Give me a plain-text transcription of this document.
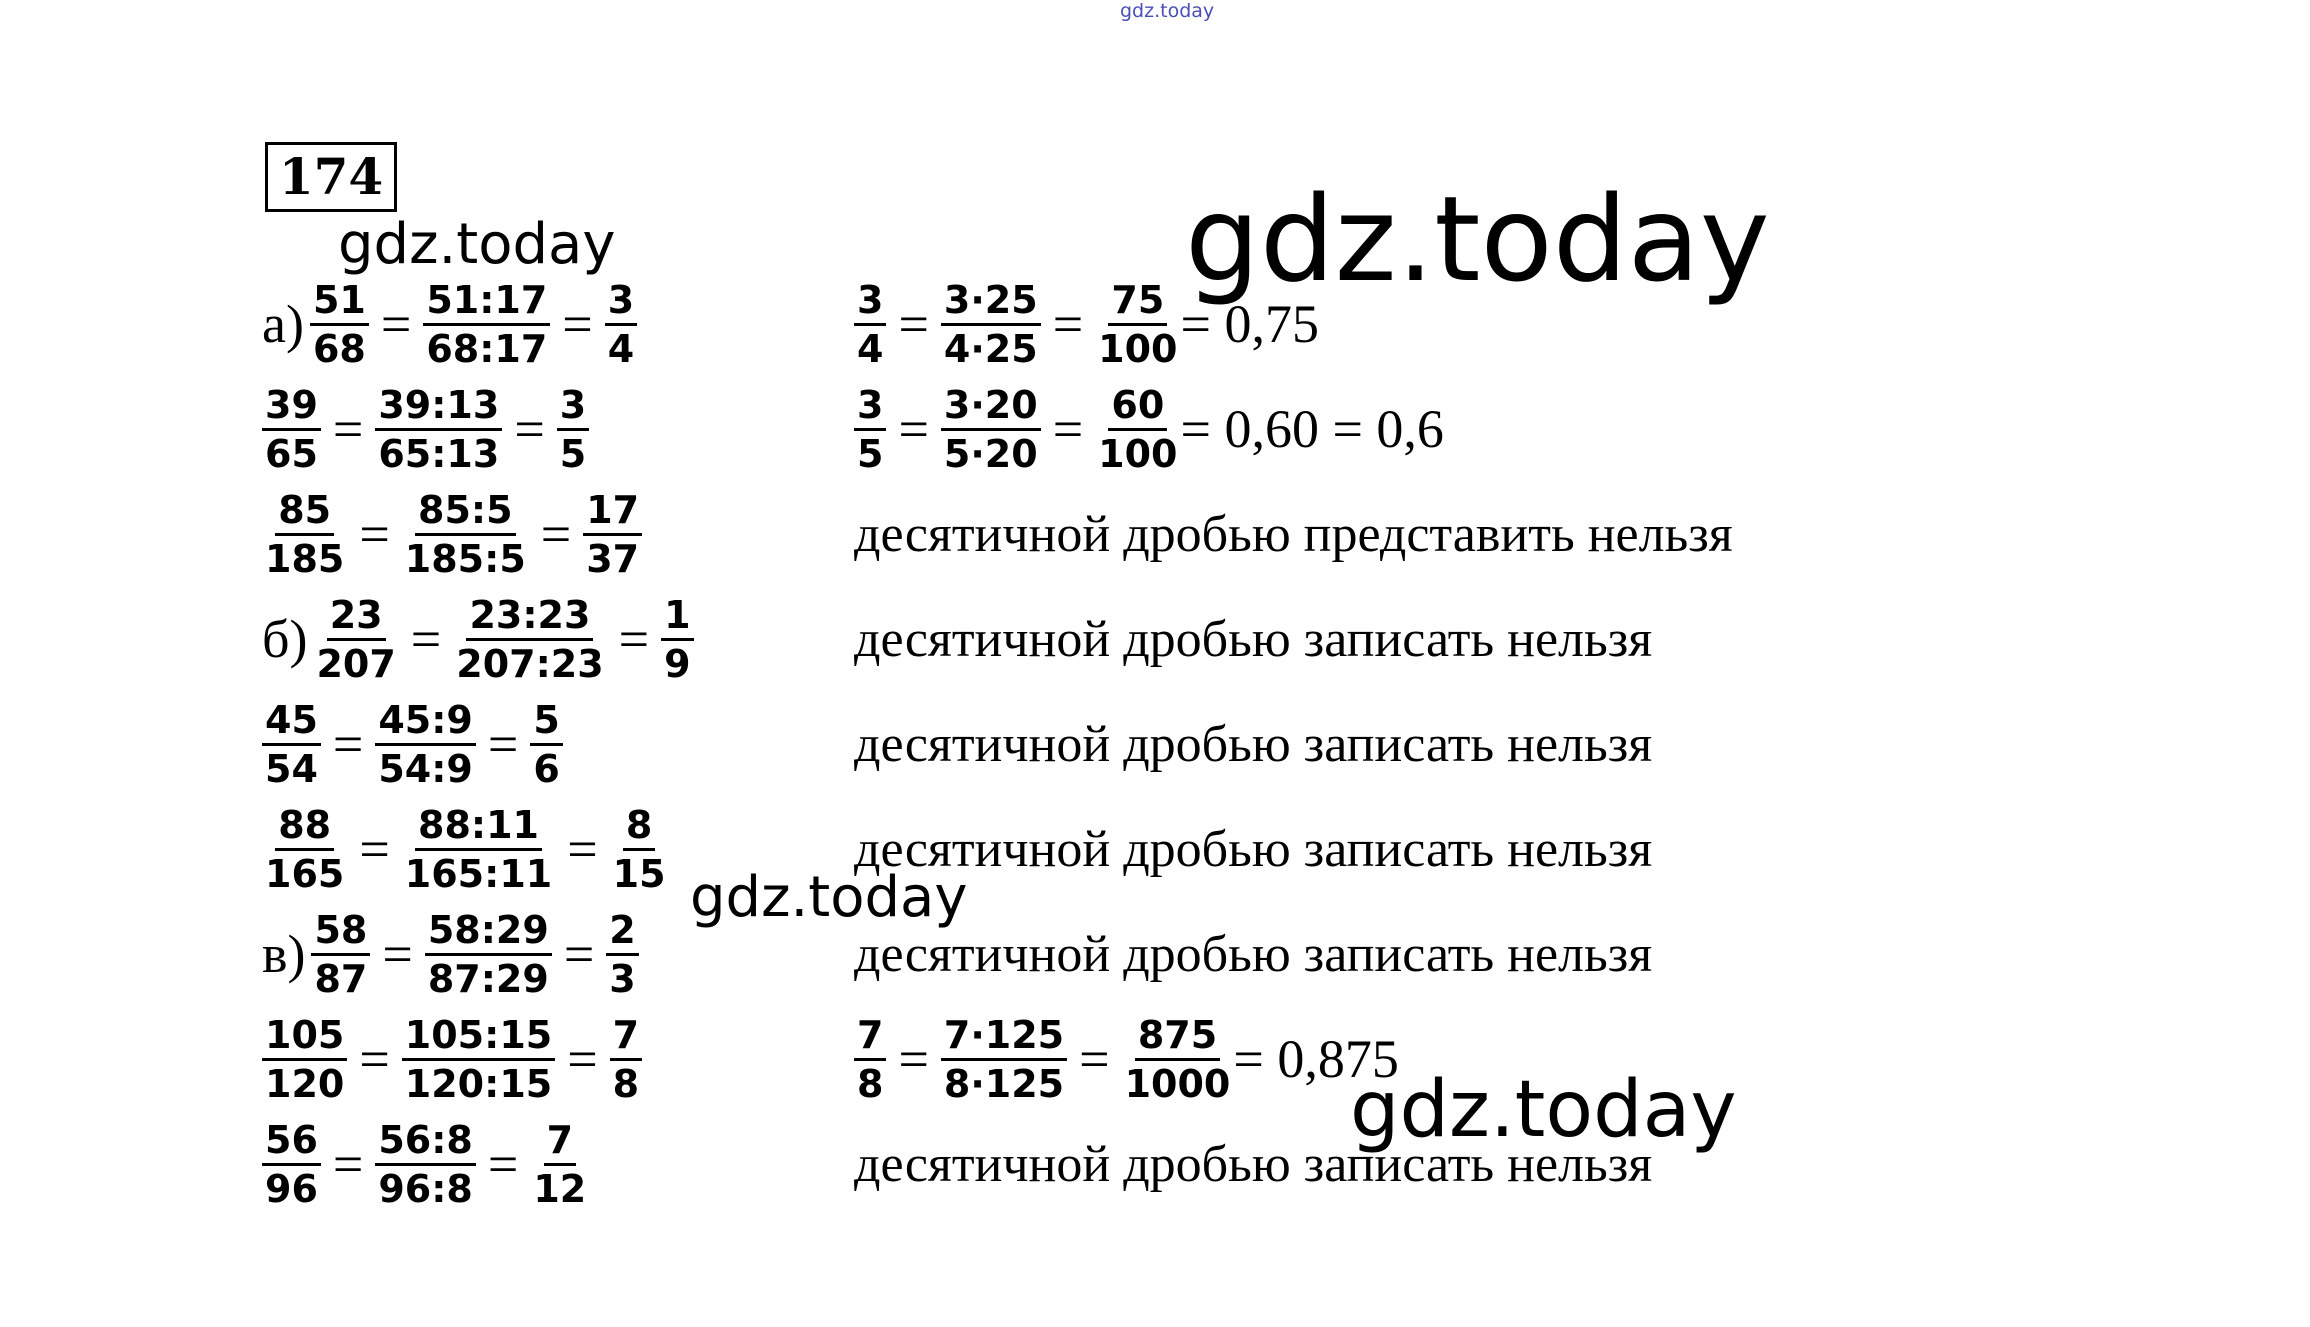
gdz.today
174
$а) \frac{51}{68} = \frac{51:17}{68:17} = \frac{3}{4}$
$\frac{39}{65} = \frac{39:13}{65:13} = \frac{3}{5}$
$\frac{85}{185} = \frac{85:5}{185:5} = \frac{17}{37}$
$б) \frac{23}{207} = \frac{23:23}{207:23} = \frac{1}{9}$
$\frac{45}{54} = \frac{45:9}{54:9} = \frac{5}{6}$
$\frac{88}{165} = \frac{88:11}{165:11} = \frac{8}{15}$
$в) \frac{58}{87} = \frac{58:29}{87:29} = \frac{2}{3}$
$\frac{105}{120} = \frac{105:15}{120:15} = \frac{7}{8}$
$\frac{56}{96} = \frac{56:8}{96:8} = \frac{7}{12}$
$\frac{3}{4} = \frac{3\cdot 25}{4\cdot 25} = \frac{75}{100} = 0,75$
$\frac{3}{5} = \frac{3\cdot 20}{5\cdot 20} = \frac{60}{100} = 0,60 = 0,6$
десятичной дробью представить нельзя
десятичной дробью записать нельзя
десятичной дробью записать нельзя
десятичной дробью записать нельзя
десятичной дробью записать нельзя
$\frac{7}{8} = \frac{7\cdot 125}{8\cdot 125} = \frac{875}{1000} = 0,875$
десятичной дробью записать нельзя
gdz.today
gdz.today
gdz.today
gdz.today
